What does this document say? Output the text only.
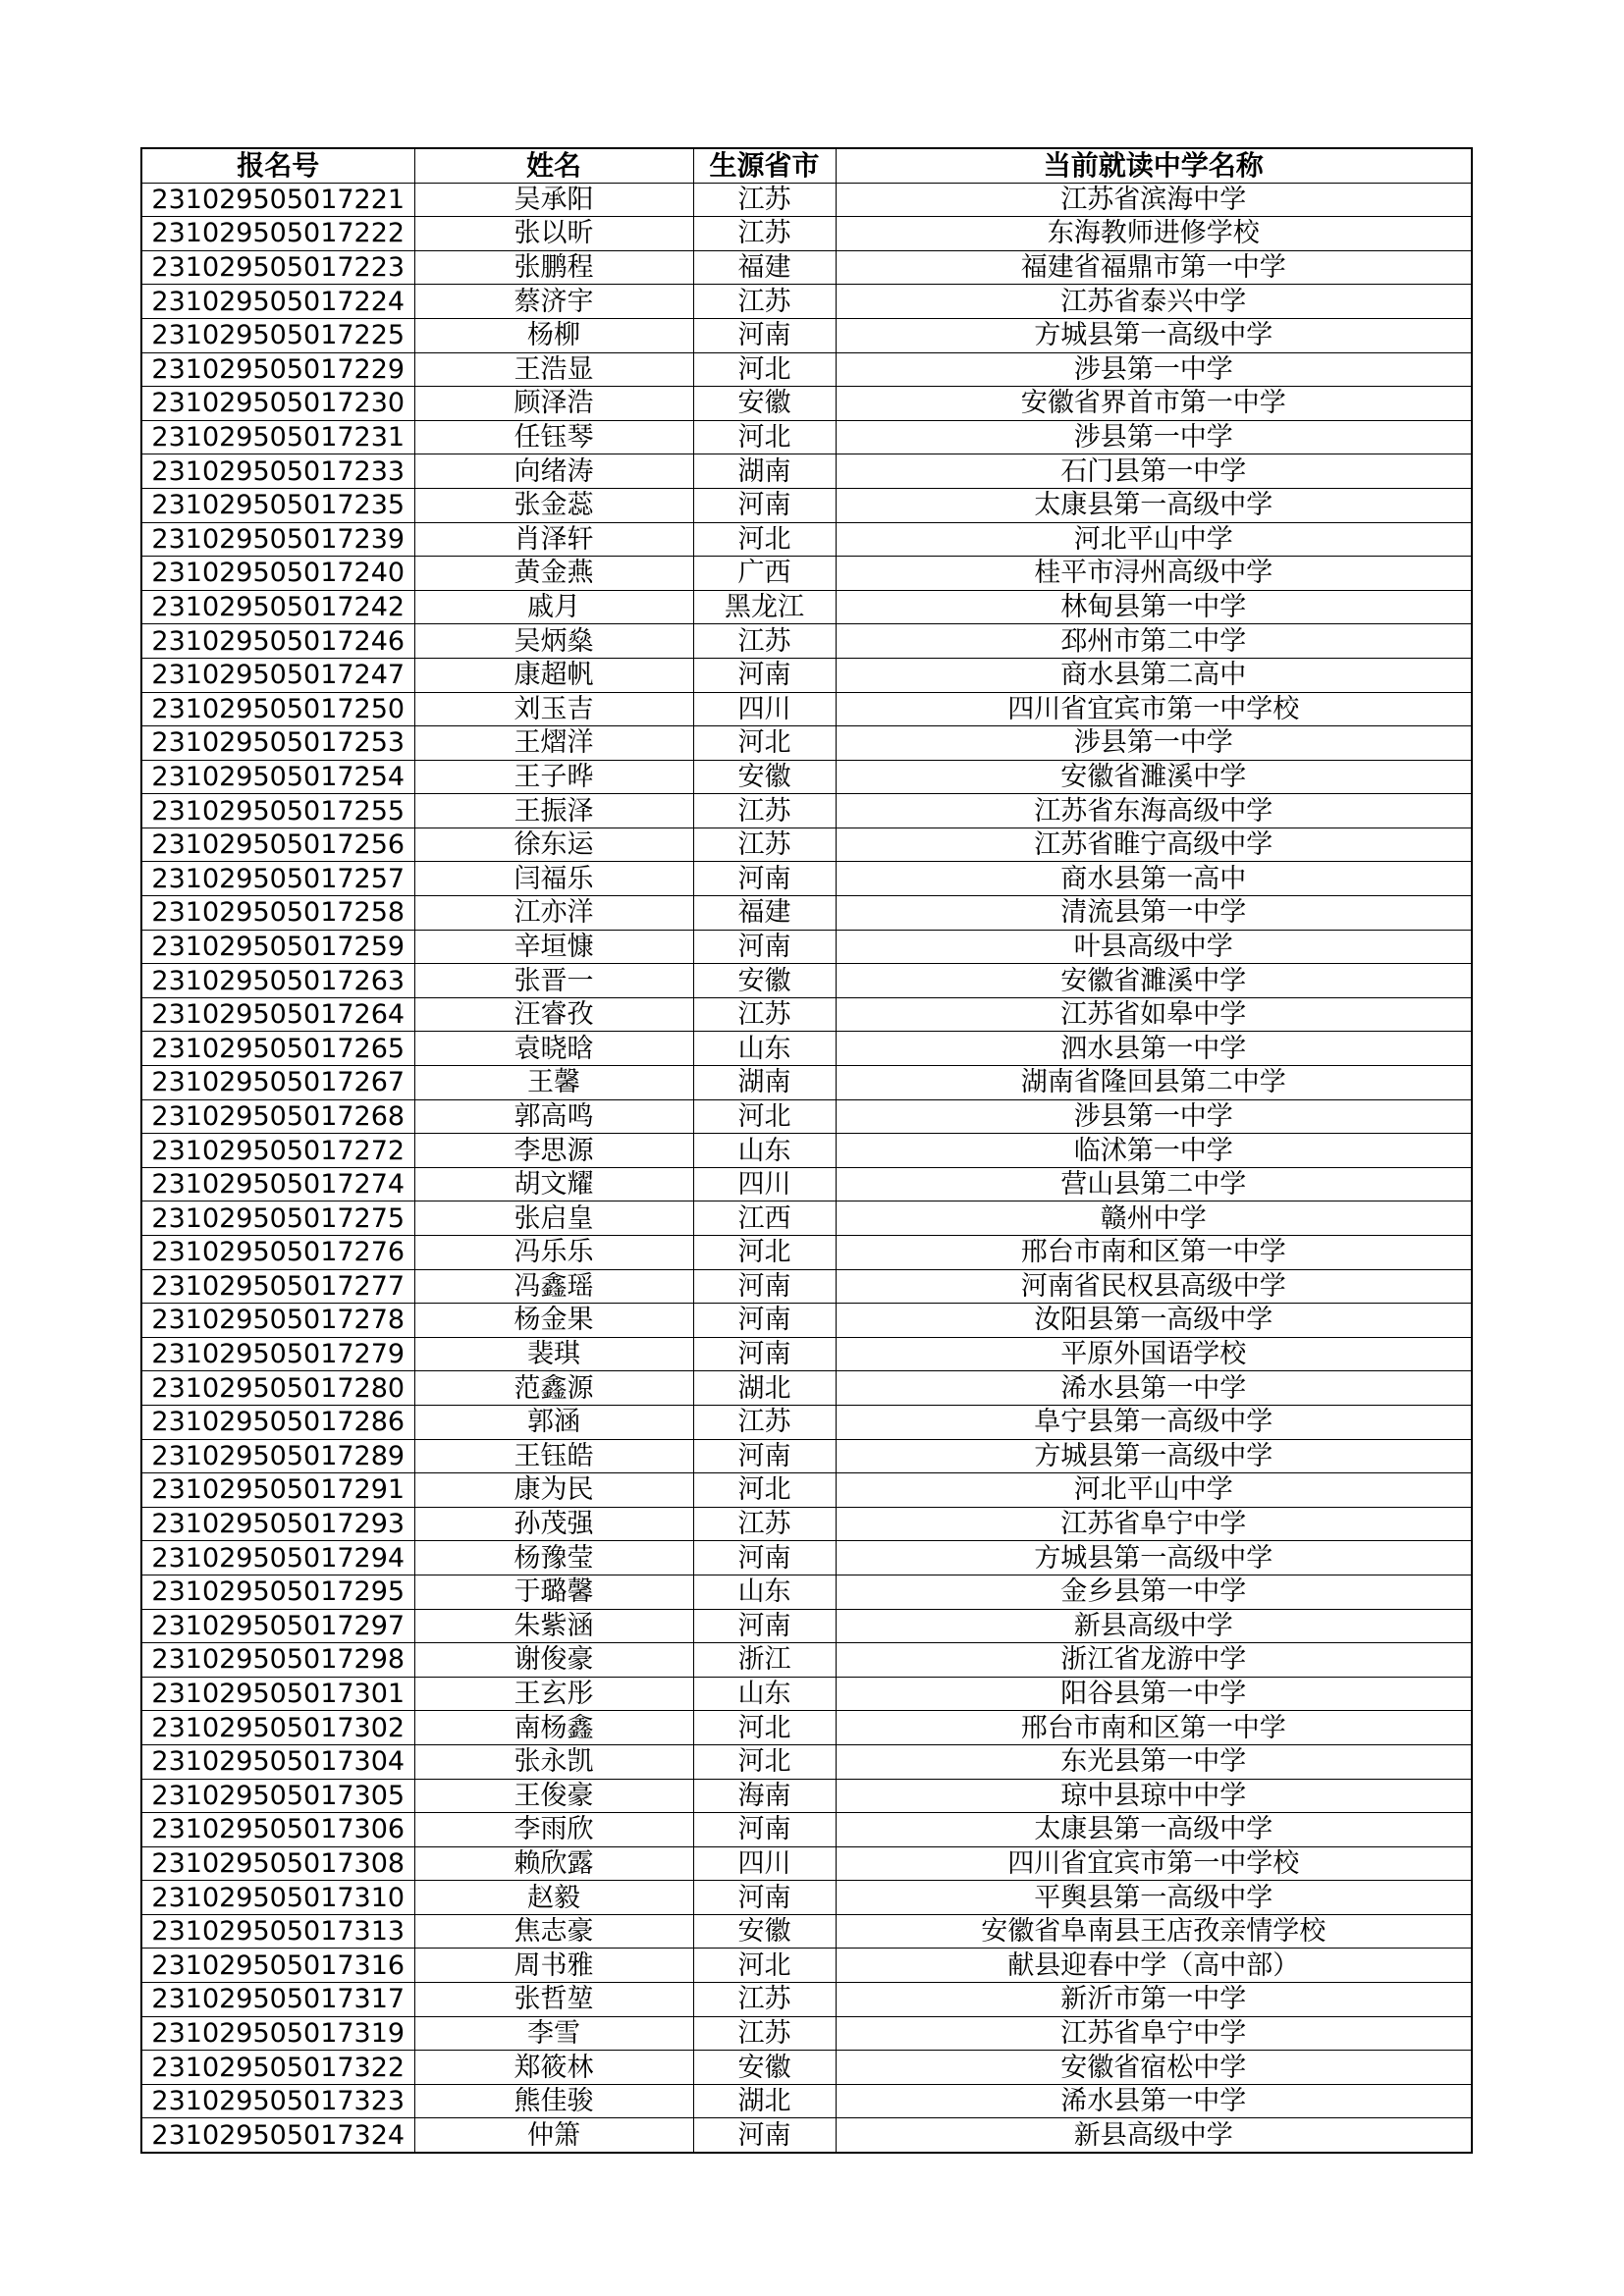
报名号	姓名	生源省市	当前就读中学名称
231029505017221	吴承阳	江苏	江苏省滨海中学
231029505017222	张以昕	江苏	东海教师进修学校
231029505017223	张鹏程	福建	福建省福鼎市第一中学
231029505017224	蔡济宇	江苏	江苏省泰兴中学
231029505017225	杨柳	河南	方城县第一高级中学
231029505017229	王浩显	河北	涉县第一中学
231029505017230	顾泽浩	安徽	安徽省界首市第一中学
231029505017231	任钰琴	河北	涉县第一中学
231029505017233	向绪涛	湖南	石门县第一中学
231029505017235	张金蕊	河南	太康县第一高级中学
231029505017239	肖泽轩	河北	河北平山中学
231029505017240	黄金燕	广西	桂平市浔州高级中学
231029505017242	戚月	黑龙江	林甸县第一中学
231029505017246	吴炳燊	江苏	邳州市第二中学
231029505017247	康超帆	河南	商水县第二高中
231029505017250	刘玉吉	四川	四川省宜宾市第一中学校
231029505017253	王熠洋	河北	涉县第一中学
231029505017254	王子晔	安徽	安徽省濉溪中学
231029505017255	王振泽	江苏	江苏省东海高级中学
231029505017256	徐东运	江苏	江苏省睢宁高级中学
231029505017257	闫福乐	河南	商水县第一高中
231029505017258	江亦洋	福建	清流县第一中学
231029505017259	辛垣慷	河南	叶县高级中学
231029505017263	张晋一	安徽	安徽省濉溪中学
231029505017264	汪睿孜	江苏	江苏省如皋中学
231029505017265	袁晓晗	山东	泗水县第一中学
231029505017267	王馨	湖南	湖南省隆回县第二中学
231029505017268	郭高鸣	河北	涉县第一中学
231029505017272	李思源	山东	临沭第一中学
231029505017274	胡文耀	四川	营山县第二中学
231029505017275	张启皇	江西	赣州中学
231029505017276	冯乐乐	河北	邢台市南和区第一中学
231029505017277	冯鑫瑶	河南	河南省民权县高级中学
231029505017278	杨金果	河南	汝阳县第一高级中学
231029505017279	裴琪	河南	平原外国语学校
231029505017280	范鑫源	湖北	浠水县第一中学
231029505017286	郭涵	江苏	阜宁县第一高级中学
231029505017289	王钰皓	河南	方城县第一高级中学
231029505017291	康为民	河北	河北平山中学
231029505017293	孙茂强	江苏	江苏省阜宁中学
231029505017294	杨豫莹	河南	方城县第一高级中学
231029505017295	于璐馨	山东	金乡县第一中学
231029505017297	朱紫涵	河南	新县高级中学
231029505017298	谢俊豪	浙江	浙江省龙游中学
231029505017301	王玄彤	山东	阳谷县第一中学
231029505017302	南杨鑫	河北	邢台市南和区第一中学
231029505017304	张永凯	河北	东光县第一中学
231029505017305	王俊豪	海南	琼中县琼中中学
231029505017306	李雨欣	河南	太康县第一高级中学
231029505017308	赖欣露	四川	四川省宜宾市第一中学校
231029505017310	赵毅	河南	平舆县第一高级中学
231029505017313	焦志豪	安徽	安徽省阜南县王店孜亲情学校
231029505017316	周书雅	河北	献县迎春中学（高中部）
231029505017317	张哲堃	江苏	新沂市第一中学
231029505017319	李雪	江苏	江苏省阜宁中学
231029505017322	郑筱林	安徽	安徽省宿松中学
231029505017323	熊佳骏	湖北	浠水县第一中学
231029505017324	仲箫	河南	新县高级中学
